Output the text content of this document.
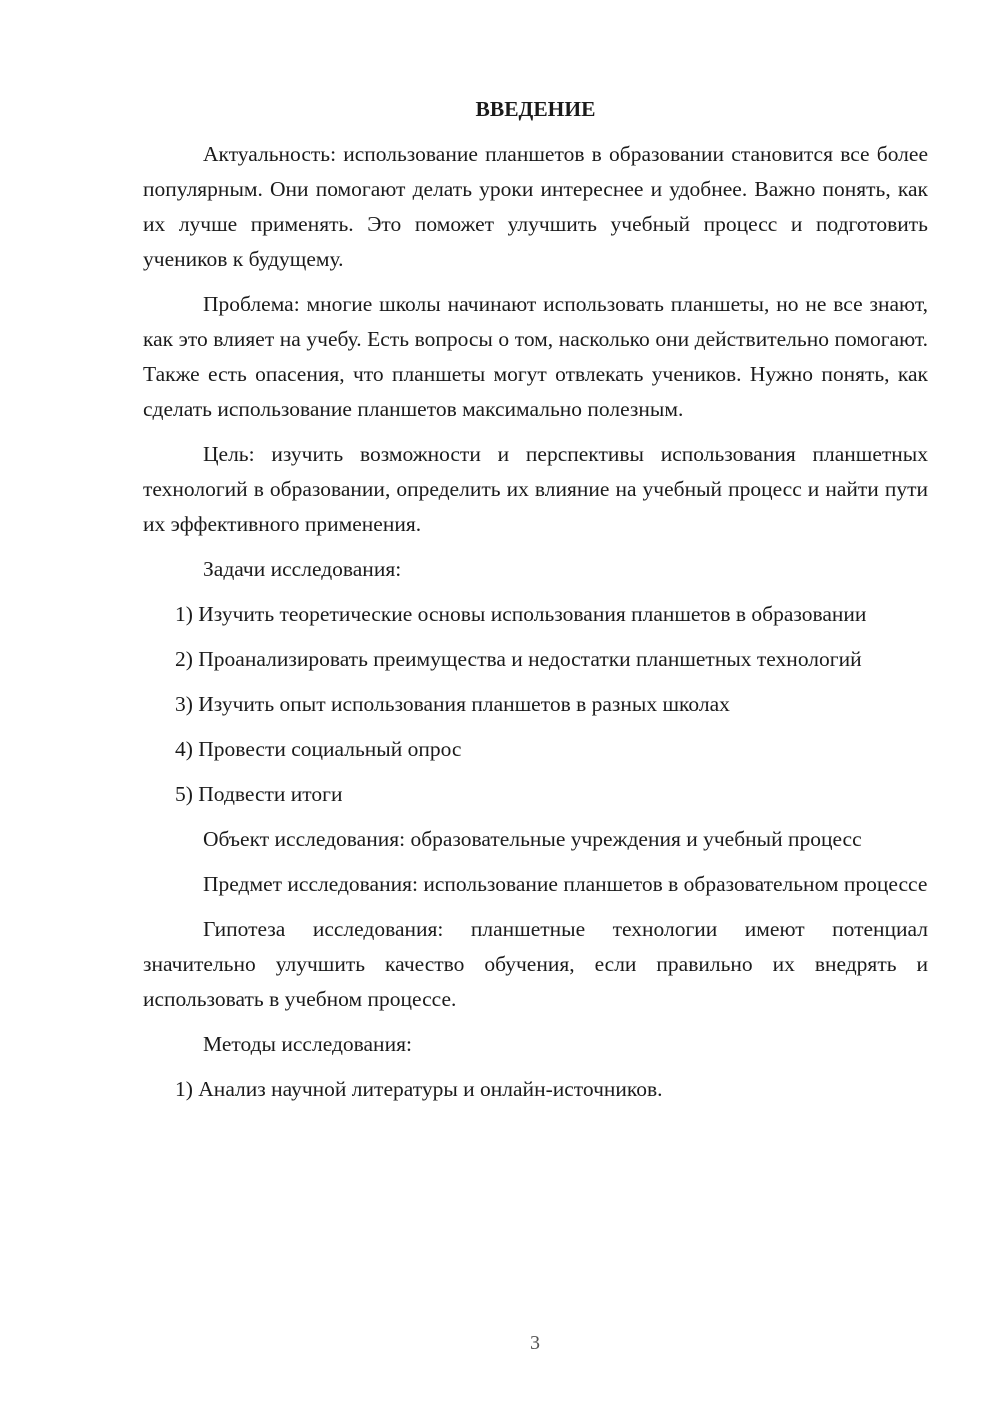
ВВЕДЕНИЕ

Актуальность: использование планшетов в образовании становится все более популярным. Они помогают делать уроки интереснее и удобнее. Важно понять, как их лучше применять. Это поможет улучшить учебный процесс и подготовить учеников к будущему.

Проблема: многие школы начинают использовать планшеты, но не все знают, как это влияет на учебу. Есть вопросы о том, насколько они действительно помогают. Также есть опасения, что планшеты могут отвлекать учеников. Нужно понять, как сделать использование планшетов максимально полезным.

Цель: изучить возможности и перспективы использования планшетных технологий в образовании, определить их влияние на учебный процесс и найти пути их эффективного применения.

Задачи исследования:

1) Изучить теоретические основы использования планшетов в образовании

2) Проанализировать преимущества и недостатки планшетных технологий

3) Изучить опыт использования планшетов в разных школах

4) Провести социальный опрос

5) Подвести итоги

Объект исследования: образовательные учреждения и учебный процесс

Предмет исследования: использование планшетов в образовательном процессе

Гипотеза исследования: планшетные технологии имеют потенциал значительно улучшить качество обучения, если правильно их внедрять и использовать в учебном процессе.

Методы исследования:

1) Анализ научной литературы и онлайн-источников.

3
